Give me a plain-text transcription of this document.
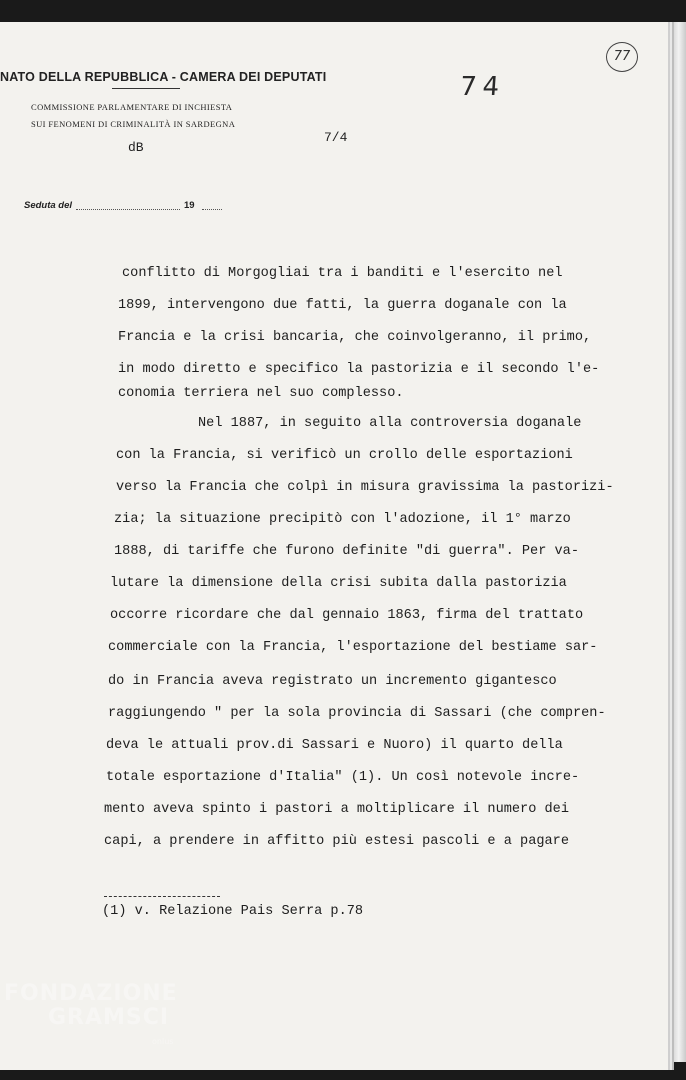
NATO DELLA REPUBBLICA - CAMERA DEI DEPUTATI
COMMISSIONE PARLAMENTARE DI INCHIESTA
SUI FENOMENI DI CRIMINALITÀ IN SARDEGNA
dB
7/4
74
77
Seduta del	19
conflitto di Morgogliai tra i banditi e l'esercito nel
1899, intervengono due fatti, la guerra doganale con la
Francia e la crisi bancaria, che coinvolgeranno, il primo,
in modo diretto e specifico la pastorizia e il secondo l'e-
conomia terriera nel suo complesso.
Nel 1887, in seguito alla controversia doganale
con la Francia, si verificò un crollo delle esportazioni
verso la Francia che colpì in misura gravissima la pastorizi-
zia; la situazione precipitò con l'adozione, il 1° marzo
1888, di tariffe che furono definite "di guerra". Per va-
lutare la dimensione della crisi subita dalla pastorizia
occorre ricordare che dal gennaio 1863, firma del trattato
commerciale con la Francia, l'esportazione del bestiame sar-
do in Francia aveva registrato un incremento gigantesco
raggiungendo " per la sola provincia di Sassari (che compren-
deva le attuali prov.di Sassari e Nuoro) il quarto della
totale esportazione d'Italia" (1). Un così notevole incre-
mento aveva spinto i pastori a moltiplicare il numero dei
capi, a prendere in affitto più estesi pascoli e a pagare
(1) v. Relazione Pais Serra p.78
FONDAZIONE
GRAMSCI
onlus
